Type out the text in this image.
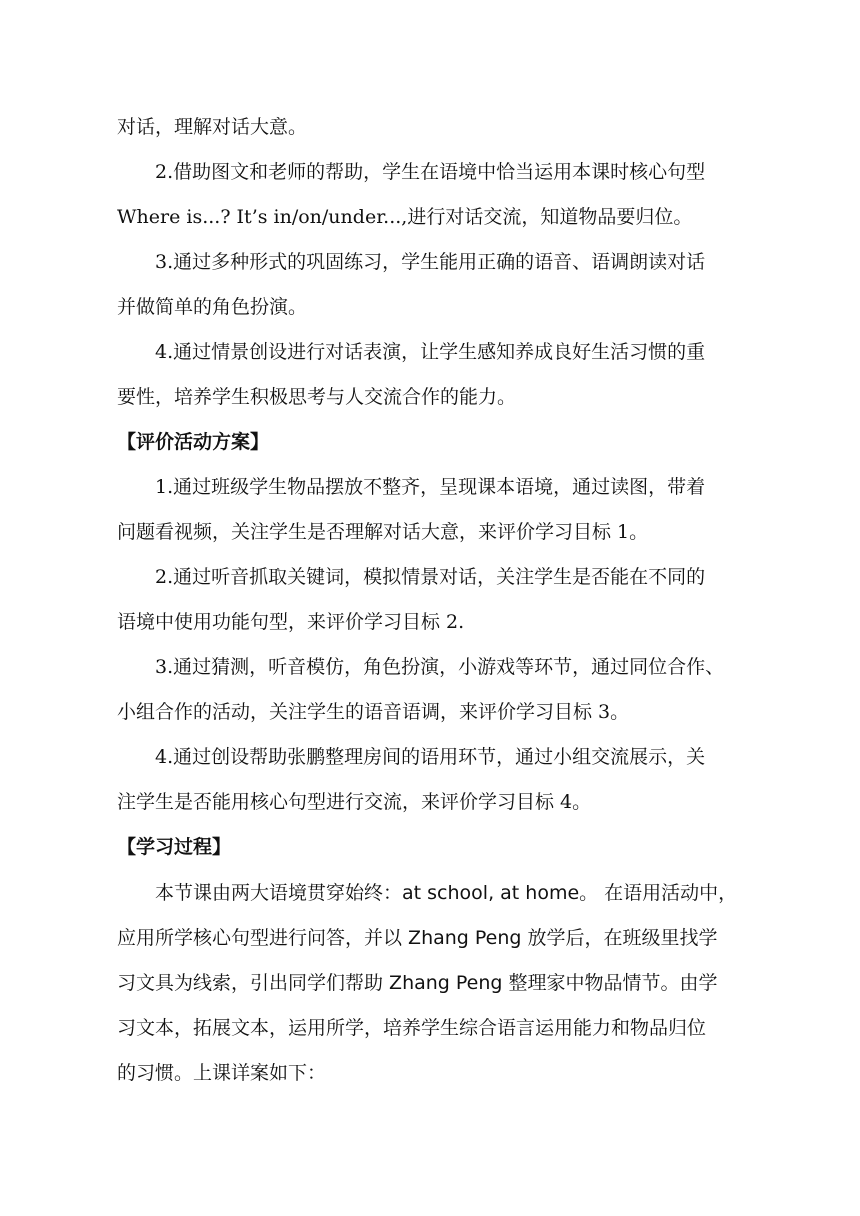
对话，理解对话大意。
2.借助图文和老师的帮助，学生在语境中恰当运用本课时核心句型
Where is...? It’s in/on/under...,进行对话交流，知道物品要归位。
3.通过多种形式的巩固练习，学生能用正确的语音、语调朗读对话
并做简单的角色扮演。
4.通过情景创设进行对话表演，让学生感知养成良好生活习惯的重
要性，培养学生积极思考与人交流合作的能力。
【评价活动方案】
1.通过班级学生物品摆放不整齐，呈现课本语境，通过读图，带着
问题看视频，关注学生是否理解对话大意，来评价学习目标 1。
2.通过听音抓取关键词，模拟情景对话，关注学生是否能在不同的
语境中使用功能句型，来评价学习目标 2.
3.通过猜测，听音模仿，角色扮演，小游戏等环节，通过同位合作、
小组合作的活动，关注学生的语音语调，来评价学习目标 3。
4.通过创设帮助张鹏整理房间的语用环节，通过小组交流展示，关
注学生是否能用核心句型进行交流，来评价学习目标 4。
【学习过程】
本节课由两大语境贯穿始终：at school, at home。 在语用活动中，
应用所学核心句型进行问答，并以 Zhang Peng 放学后，在班级里找学
习文具为线索，引出同学们帮助 Zhang Peng 整理家中物品情节。由学
习文本，拓展文本，运用所学，培养学生综合语言运用能力和物品归位
的习惯。上课详案如下：
